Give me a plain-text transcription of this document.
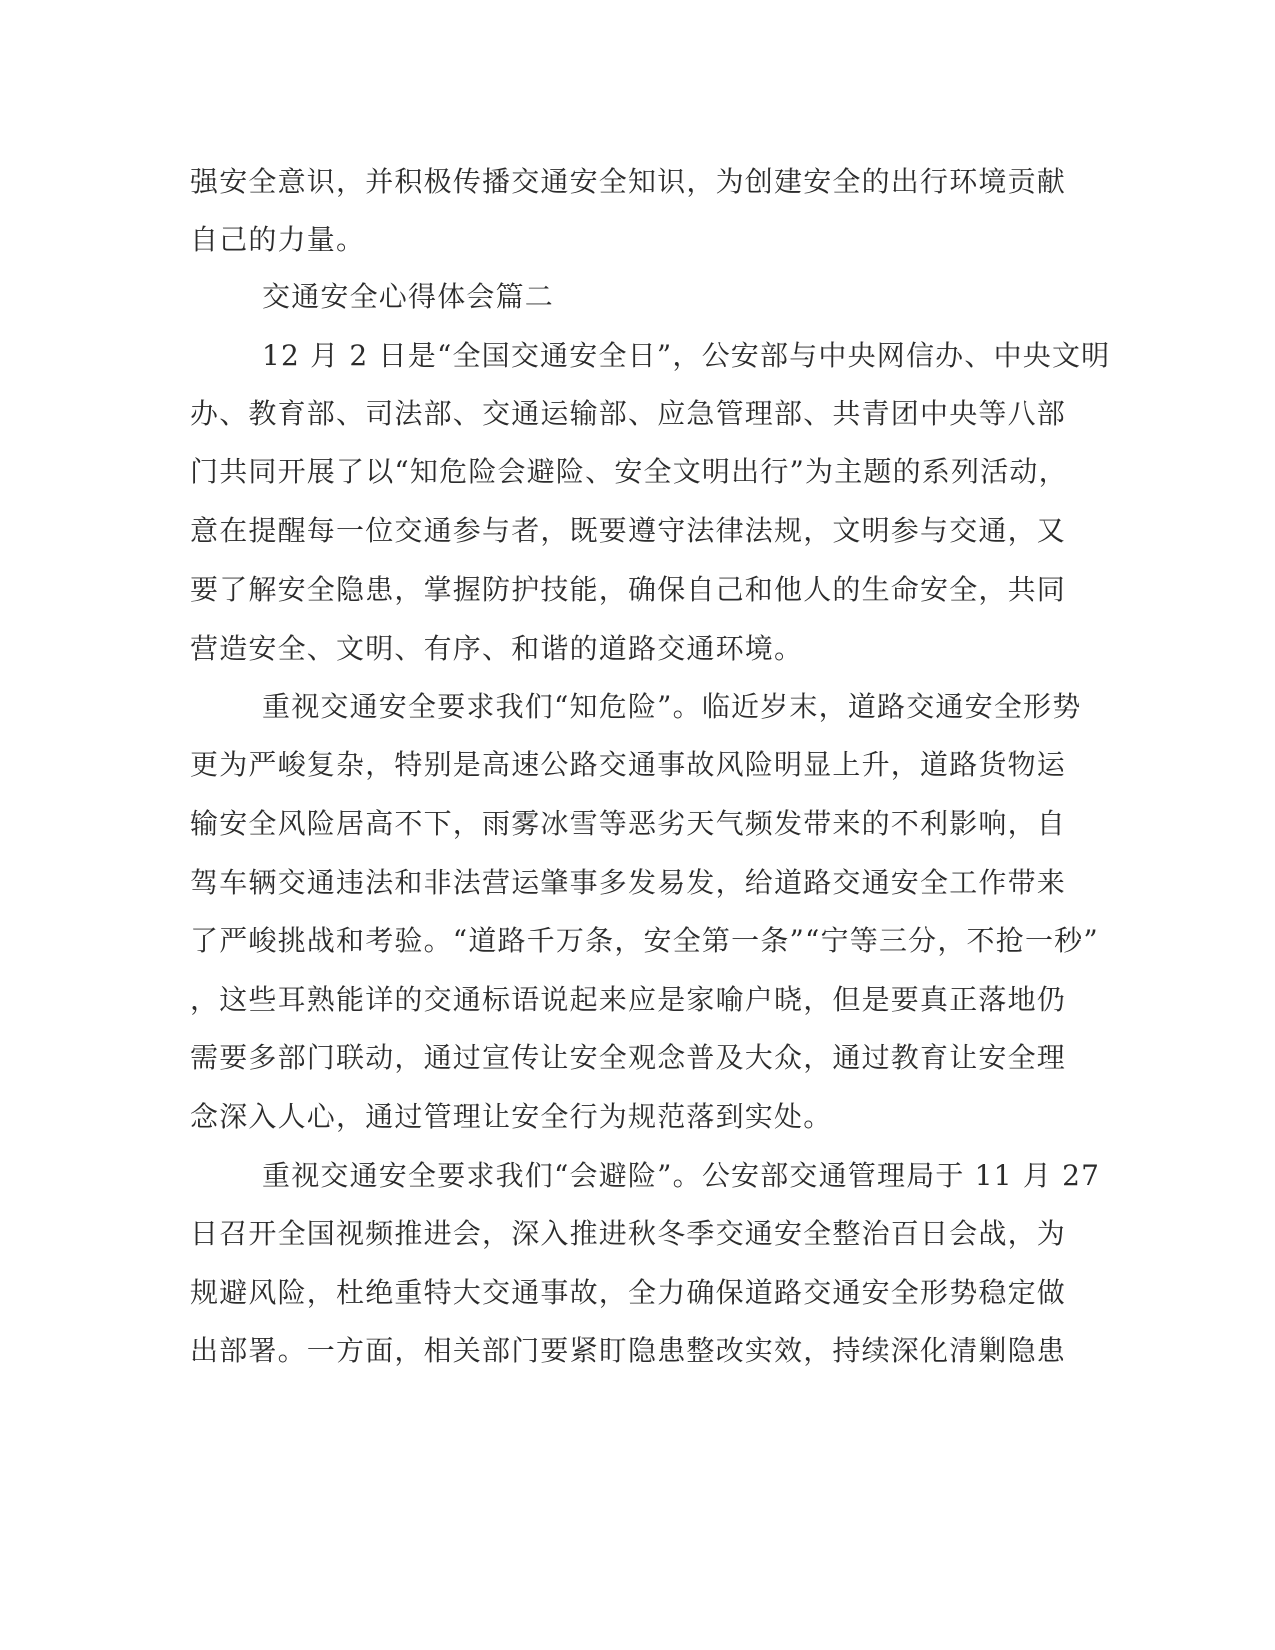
强安全意识，并积极传播交通安全知识，为创建安全的出行环境贡献
自己的力量。
交通安全心得体会篇二
12 月 2 日是“全国交通安全日”，公安部与中央网信办、中央文明
办、教育部、司法部、交通运输部、应急管理部、共青团中央等八部
门共同开展了以“知危险会避险、安全文明出行”为主题的系列活动，
意在提醒每一位交通参与者，既要遵守法律法规，文明参与交通，又
要了解安全隐患，掌握防护技能，确保自己和他人的生命安全，共同
营造安全、文明、有序、和谐的道路交通环境。
重视交通安全要求我们“知危险”。临近岁末，道路交通安全形势
更为严峻复杂，特别是高速公路交通事故风险明显上升，道路货物运
输安全风险居高不下，雨雾冰雪等恶劣天气频发带来的不利影响，自
驾车辆交通违法和非法营运肇事多发易发，给道路交通安全工作带来
了严峻挑战和考验。“道路千万条，安全第一条”“宁等三分，不抢一秒”
，这些耳熟能详的交通标语说起来应是家喻户晓，但是要真正落地仍
需要多部门联动，通过宣传让安全观念普及大众，通过教育让安全理
念深入人心，通过管理让安全行为规范落到实处。
重视交通安全要求我们“会避险”。公安部交通管理局于 11 月 27
日召开全国视频推进会，深入推进秋冬季交通安全整治百日会战，为
规避风险，杜绝重特大交通事故，全力确保道路交通安全形势稳定做
出部署。一方面，相关部门要紧盯隐患整改实效，持续深化清剿隐患
